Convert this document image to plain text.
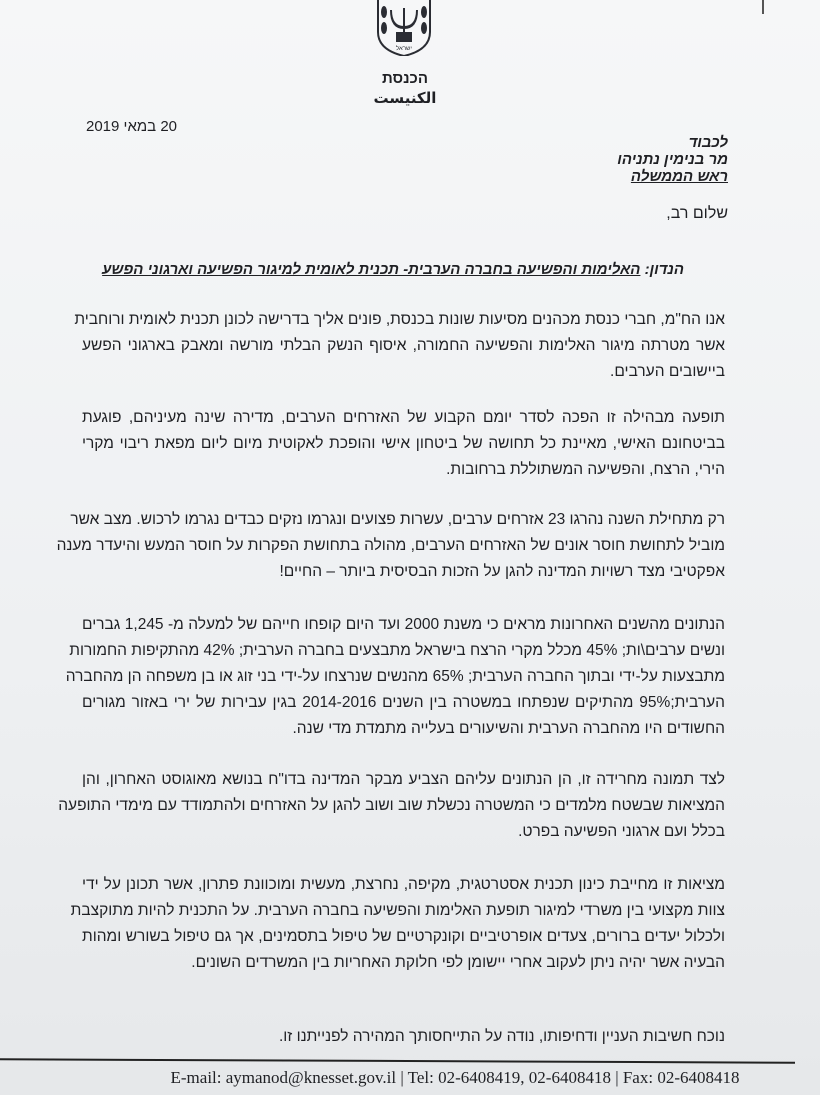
ישראל
הכנסת
الكنيست
20 במאי 2019
לכבוד
מר בנימין נתניהו
ראש הממשלה
שלום רב,
הנדון: האלימות והפשיעה בחברה הערבית- תכנית לאומית למיגור הפשיעה וארגוני הפשע
אנו הח"מ, חברי כנסת מכהנים מסיעות שונות בכנסת, פונים אליך בדרישה לכונן תכנית לאומית ורוחבית
אשר מטרתה מיגור האלימות והפשיעה החמורה, איסוף הנשק הבלתי מורשה ומאבק בארגוני הפשע
ביישובים הערבים.
תופעה מבהילה זו הפכה לסדר יומם הקבוע של האזרחים הערבים, מדירה שינה מעיניהם, פוגעת
בביטחונם האישי, מאיינת כל תחושה של ביטחון אישי והופכת לאקוטית מיום ליום מפאת ריבוי מקרי
הירי, הרצח, והפשיעה המשתוללת ברחובות.
רק מתחילת השנה נהרגו 23 אזרחים ערבים, עשרות פצועים ונגרמו נזקים כבדים נגרמו לרכוש. מצב אשר
מוביל לתחושת חוסר אונים של האזרחים הערבים, מהולה בתחושת הפקרות על חוסר המעש והיעדר מענה
אפקטיבי מצד רשויות המדינה להגן על הזכות הבסיסית ביותר – החיים!
הנתונים מהשנים האחרונות מראים כי משנת 2000 ועד היום קופחו חייהם של למעלה מ- 1,245 גברים
ונשים ערבים\ות; 45% מכלל מקרי הרצח בישראל מתבצעים בחברה הערבית; 42% מהתקיפות החמורות
מתבצעות על-ידי ובתוך החברה הערבית; 65% מהנשים שנרצחו על-ידי בני זוג או בן משפחה הן מהחברה
הערבית;95% מהתיקים שנפתחו במשטרה בין השנים 2014-2016 בגין עבירות של ירי באזור מגורים
החשודים היו מהחברה הערבית והשיעורים בעלייה מתמדת מדי שנה.
לצד תמונה מחרידה זו, הן הנתונים עליהם הצביע מבקר המדינה בדו"ח בנושא מאוגוסט האחרון, והן
המציאות שבשטח מלמדים כי המשטרה נכשלת שוב ושוב להגן על האזרחים ולהתמודד עם מימדי התופעה
בכלל ועם ארגוני הפשיעה בפרט.
מציאות זו מחייבת כינון תכנית אסטרטגית, מקיפה, נחרצת, מעשית ומוכוונת פתרון, אשר תכונן על ידי
צוות מקצועי בין משרדי למיגור תופעת האלימות והפשיעה בחברה הערבית. על התכנית להיות מתוקצבת
ולכלול יעדים ברורים, צעדים אופרטיביים וקונקרטיים של טיפול בתסמינים, אך גם טיפול בשורש ומהות
הבעיה אשר יהיה ניתן לעקוב אחרי יישומן לפי חלוקת האחריות בין המשרדים השונים.
נוכח חשיבות העניין ודחיפותו, נודה על התייחסותך המהירה לפנייתנו זו.
E-mail: aymanod@knesset.gov.il | Tel: 02-6408419, 02-6408418 | Fax: 02-6408418
